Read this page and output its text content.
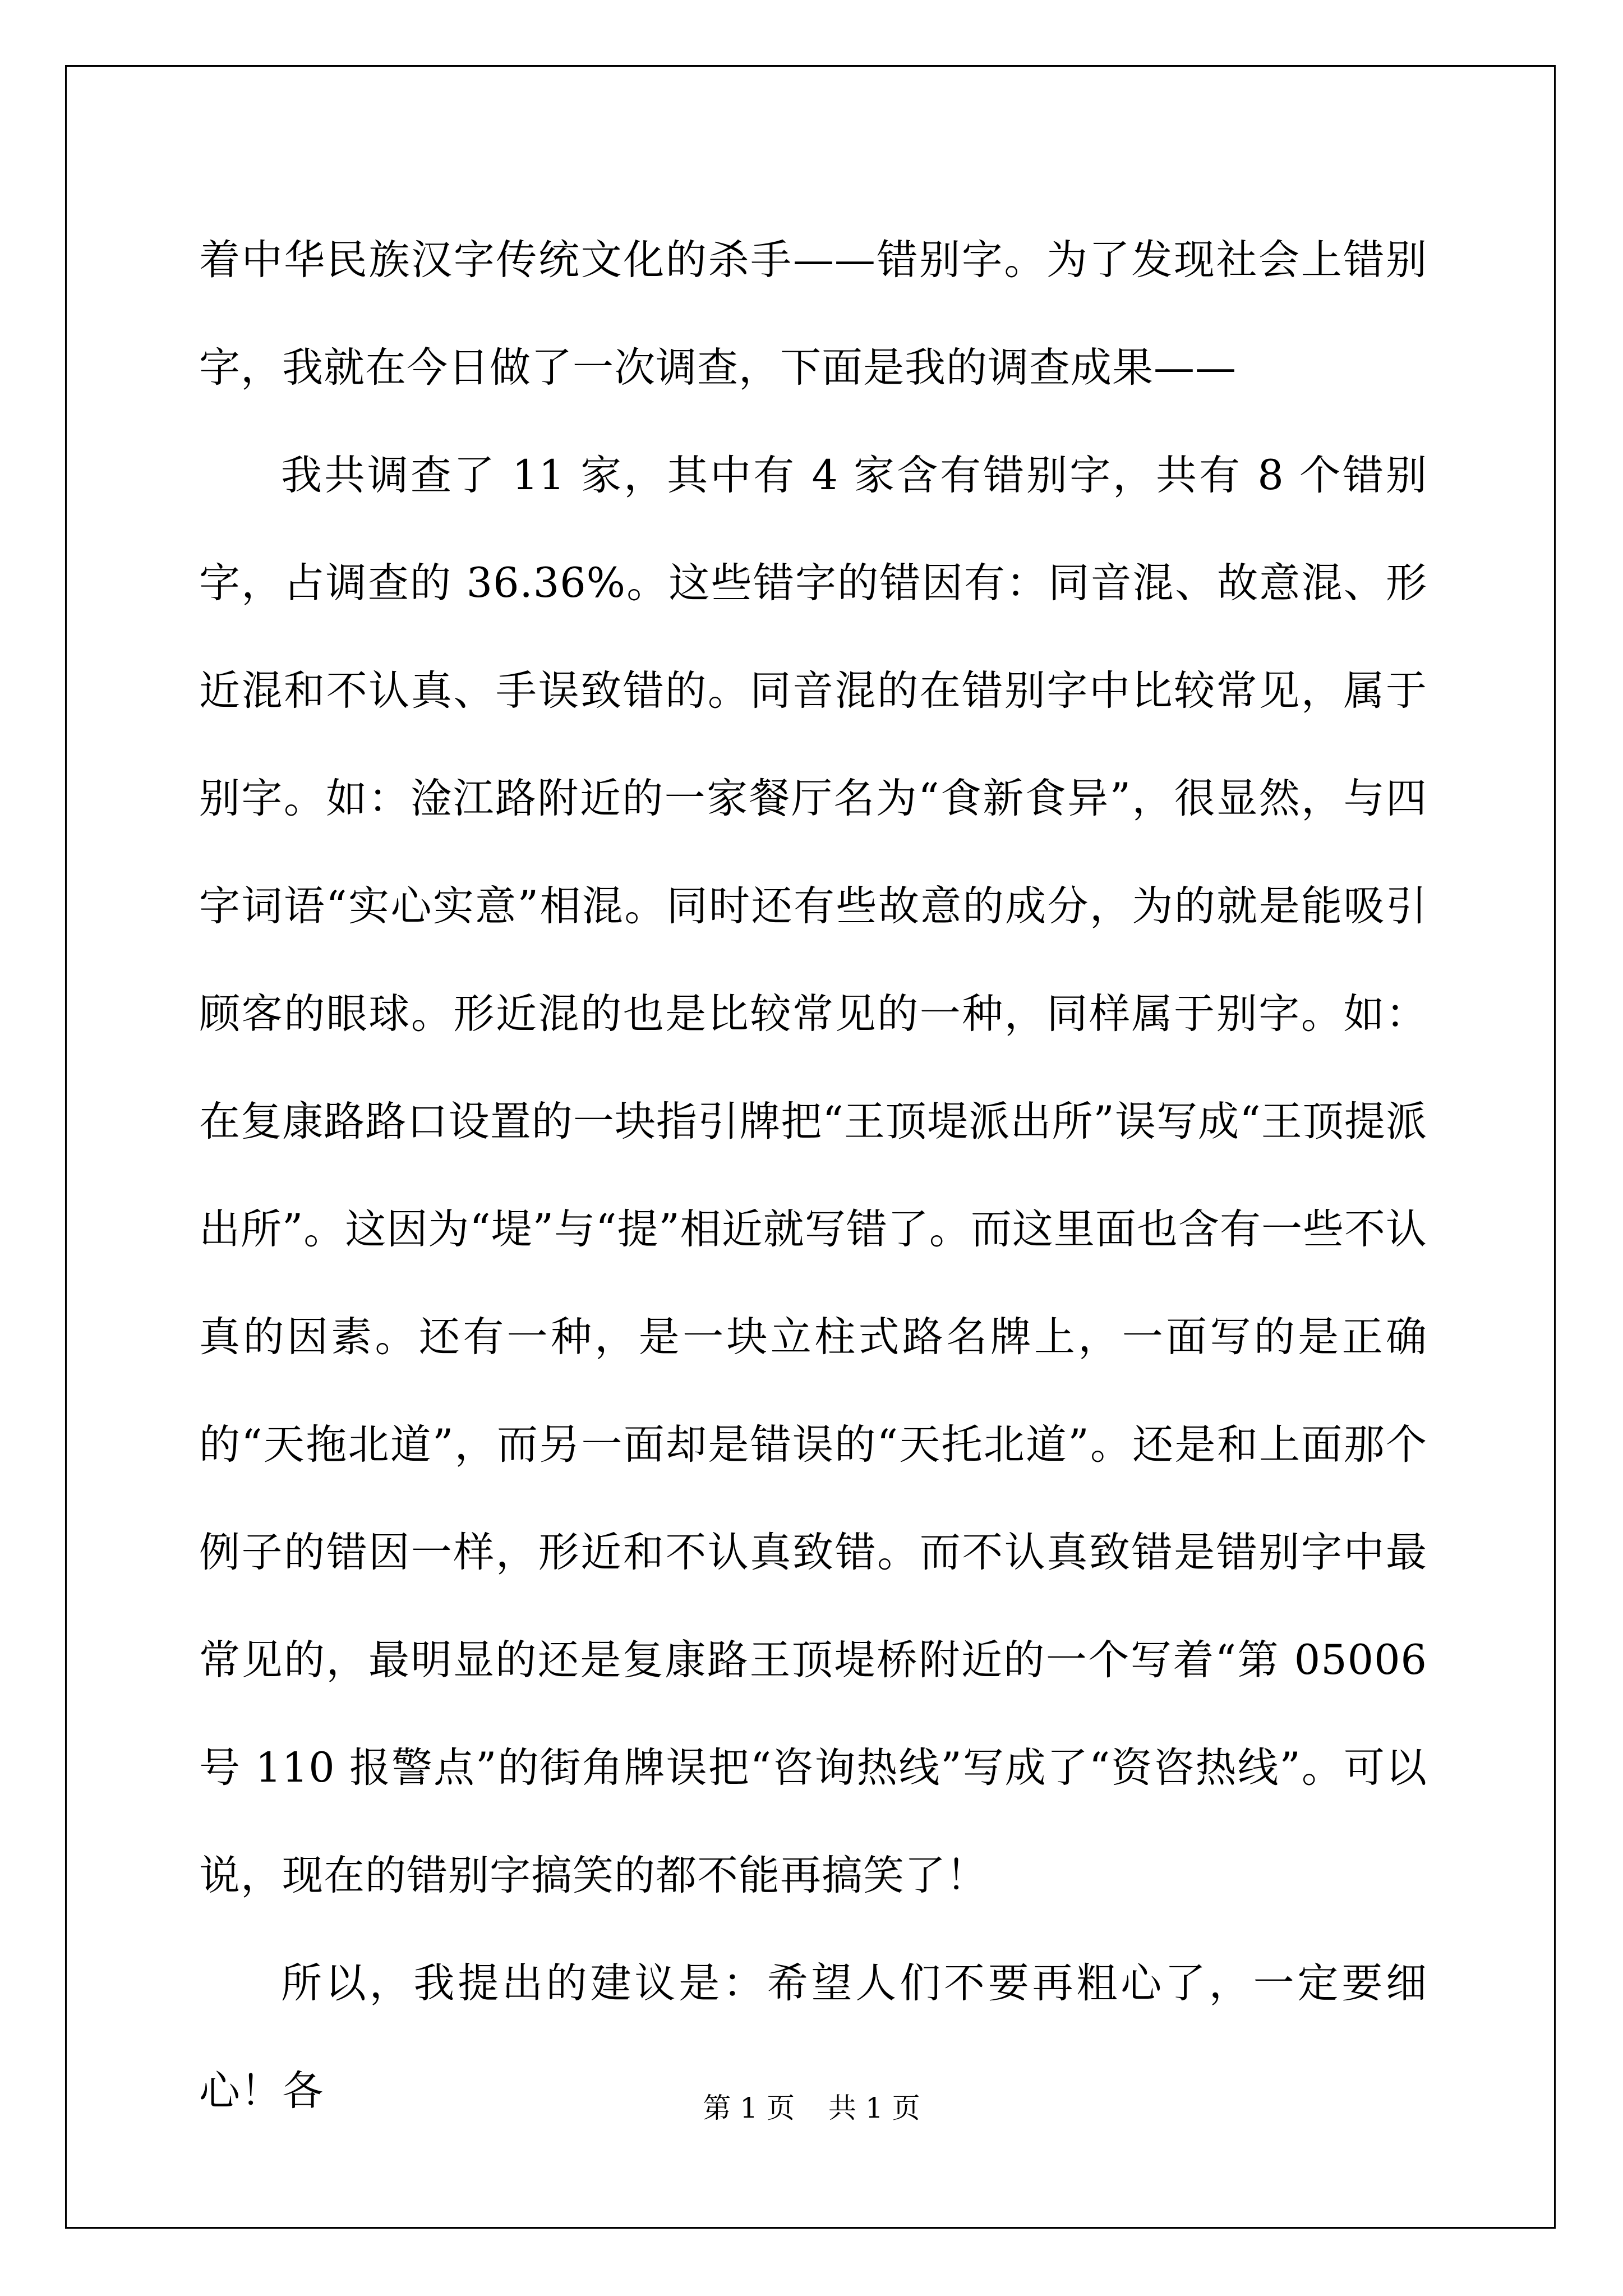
着中华民族汉字传统文化的杀手——错别字。为了发现社会上错别字，我就在今日做了一次调查，下面是我的调查成果——

我共调查了 11 家，其中有 4 家含有错别字，共有 8 个错别字，占调查的 36.36%。这些错字的错因有：同音混、故意混、形近混和不认真、手误致错的。同音混的在错别字中比较常见，属于别字。如：淦江路附近的一家餐厅名为“食新食异”，很显然，与四字词语“实心实意”相混。同时还有些故意的成分，为的就是能吸引顾客的眼球。形近混的也是比较常见的一种，同样属于别字。如：在复康路路口设置的一块指引牌把“王顶堤派出所”误写成“王顶提派出所”。这因为“堤”与“提”相近就写错了。而这里面也含有一些不认真的因素。还有一种，是一块立柱式路名牌上，一面写的是正确的“天拖北道”，而另一面却是错误的“天托北道”。还是和上面那个例子的错因一样，形近和不认真致错。而不认真致错是错别字中最常见的，最明显的还是复康路王顶堤桥附近的一个写着“第 05006 号 110 报警点”的街角牌误把“咨询热线”写成了“资咨热线”。可以说，现在的错别字搞笑的都不能再搞笑了！

所以，我提出的建议是：希望人们不要再粗心了，一定要细心！各	第 1 页 共 1 页
